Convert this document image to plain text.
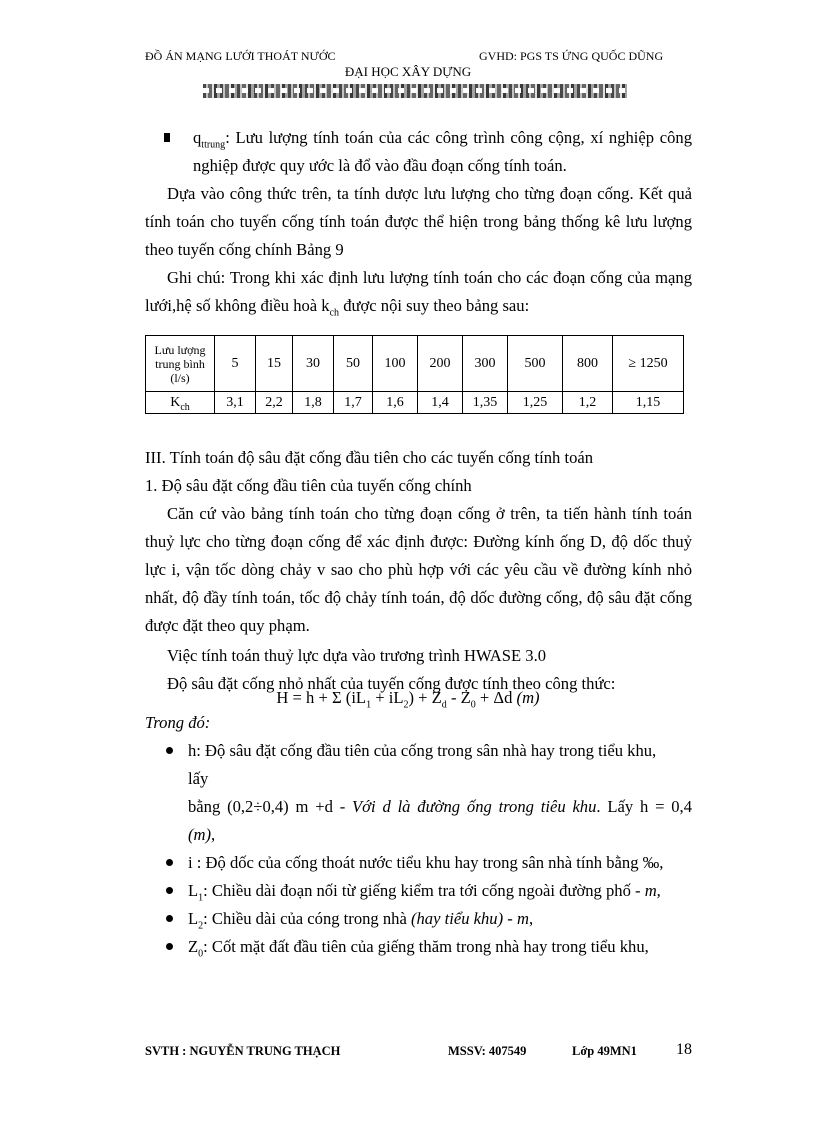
ĐỒ ÁN MẠNG LƯỚI THOÁT NƯỚC	GVHD: PGS TS ỨNG QUỐC DŨNG
ĐẠI HỌC XÂY DỰNG
$q_{ttrung}$: Lưu lượng tính toán của các công trình công cộng, xí nghiệp công nghiệp được quy ước là đổ vào đầu đoạn cống tính toán.

Dựa vào công thức trên, ta tính dược lưu lượng cho từng đoạn cống. Kết quả tính toán cho tuyến cống tính toán được thể hiện trong bảng thống kê lưu lượng theo tuyến cống chính Bảng 9

Ghi chú: Trong khi xác định lưu lượng tính toán cho các đoạn cống của mạng lưới,hệ số không điều hoà $k_{ch}$ được nội suy theo bảng sau:

Lưu lượng trung bình (l/s)	5	15	30	50	100	200	300	500	800	≥ 1250
$K_{ch}$	3,1	2,2	1,8	1,7	1,6	1,4	1,35	1,25	1,2	1,15

III. Tính toán độ sâu đặt cống đầu tiên cho các tuyến cống tính toán

1. Độ sâu đặt cống đầu tiên của tuyến cống chính

Căn cứ vào bảng tính toán cho từng đoạn cống ở trên, ta tiến hành tính toán thuỷ lực cho từng đoạn cống để xác định được: Đường kính ống D, độ dốc thuỷ lực i, vận tốc dòng chảy v sao cho phù hợp với các yêu cầu về đường kính nhỏ nhất, độ đầy tính toán, tốc độ chảy tính toán, độ dốc đường cống, độ sâu đặt cống được đặt theo quy phạm.

Việc tính toán thuỷ lực dựa vào trương trình HWASE 3.0

Độ sâu đặt cống nhỏ nhất của tuyến cống được tính theo công thức:

H = h + Σ $(iL_1 + iL_2) + Z_d - Z_0 + \Delta d$ (m)
Trong đó:
h: Độ sâu đặt cống đầu tiên của cống trong sân nhà hay trong tiểu khu,
lấy
bằng (0,2÷0,4) m +d - Với d là đường ống trong tiêu khu. Lấy h = 0,4
(m),
i : Độ dốc của cống thoát nước tiểu khu hay trong sân nhà tính bằng ‰,
$L_1$: Chiều dài đoạn nối từ giếng kiểm tra tới cống ngoài đường phố - m,
$L_2$: Chiều dài của cóng trong nhà (hay tiểu khu) - m,
$Z_0$: Cốt mặt đất đầu tiên của giếng thăm trong nhà hay trong tiểu khu,
SVTH : NGUYỄN TRUNG THẠCH	MSSV: 407549	Lớp 49MN1 18
